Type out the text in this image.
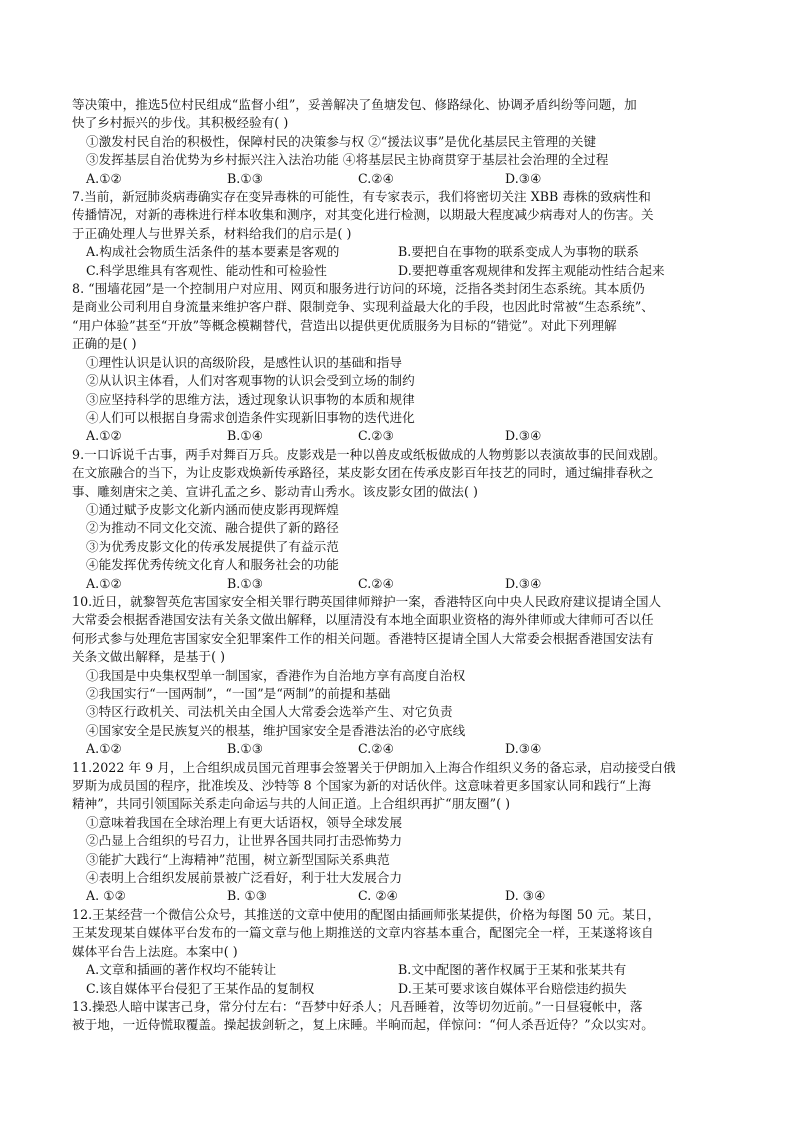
等决策中，推选5位村民组成“监督小组”，妥善解决了鱼塘发包、修路绿化、协调矛盾纠纷等问题，加
快了乡村振兴的步伐。其积极经验有( )
①激发村民自治的积极性，保障村民的决策参与权 ②“援法议事”是优化基层民主管理的关键
③发挥基层自治优势为乡村振兴注入法治功能 ④将基层民主协商贯穿于基层社会治理的全过程
A.①②	B.①③	C.②④	D.③④
7.当前，新冠肺炎病毒确实存在变异毒株的可能性，有专家表示，我们将密切关注 XBB 毒株的致病性和
传播情况，对新的毒株进行样本收集和测序，对其变化进行检测，以期最大程度减少病毒对人的伤害。关
于正确处理人与世界关系，材料给我们的启示是( )
A.构成社会物质生活条件的基本要素是客观的	B.要把自在事物的联系变成人为事物的联系
C.科学思维具有客观性、能动性和可检验性	D.要把尊重客观规律和发挥主观能动性结合起来
8. “围墙花园”是一个控制用户对应用、网页和服务进行访问的环境，泛指各类封闭生态系统。其本质仍
是商业公司利用自身流量来维护客户群、限制竞争、实现利益最大化的手段，也因此时常被“生态系统”、
“用户体验”甚至“开放”等概念模糊替代，营造出以提供更优质服务为目标的“错觉”。对此下列理解
正确的是( )
①理性认识是认识的高级阶段，是感性认识的基础和指导
②从认识主体看，人们对客观事物的认识会受到立场的制约
③应坚持科学的思维方法，透过现象认识事物的本质和规律
④人们可以根据自身需求创造条件实现新旧事物的迭代进化
A.①②	B.①④	C.②③	D.③④
9.一口诉说千古事，两手对舞百万兵。皮影戏是一种以兽皮或纸板做成的人物剪影以表演故事的民间戏剧。
在文旅融合的当下，为让皮影戏焕新传承路径，某皮影女团在传承皮影百年技艺的同时，通过编排春秋之
事、雕刻唐宋之美、宣讲孔孟之乡、影动青山秀水。该皮影女团的做法( )
①通过赋予皮影文化新内涵而使皮影再现辉煌
②为推动不同文化交流、融合提供了新的路径
③为优秀皮影文化的传承发展提供了有益示范
④能发挥优秀传统文化育人和服务社会的功能
A.①②	B.①③	C.②④	D.③④
10.近日，就黎智英危害国家安全相关罪行聘英国律师辩护一案，香港特区向中央人民政府建议提请全国人
大常委会根据香港国安法有关条文做出解释，以厘清没有本地全面职业资格的海外律师或大律师可否以任
何形式参与处理危害国家安全犯罪案件工作的相关问题。香港特区提请全国人大常委会根据香港国安法有
关条文做出解释，是基于( )
①我国是中央集权型单一制国家，香港作为自治地方享有高度自治权
②我国实行“一国两制”，“一国”是“两制”的前提和基础
③特区行政机关、司法机关由全国人大常委会选举产生、对它负责
④国家安全是民族复兴的根基，维护国家安全是香港法治的必守底线
A.①②	B.①③	C.②④	D.③④
11.2022 年 9 月，上合组织成员国元首理事会签署关于伊朗加入上海合作组织义务的备忘录，启动接受白俄
罗斯为成员国的程序，批准埃及、沙特等 8 个国家为新的对话伙伴。这意味着更多国家认同和践行“上海
精神”，共同引领国际关系走向命运与共的人间正道。上合组织再扩“朋友圈”( )
①意味着我国在全球治理上有更大话语权，领导全球发展
②凸显上合组织的号召力，让世界各国共同打击恐怖势力
③能扩大践行“上海精神”范围，树立新型国际关系典范
④表明上合组织发展前景被广泛看好，利于壮大发展合力
A. ①②	B. ①③	C. ②④	D. ③④
12.王某经营一个微信公众号，其推送的文章中使用的配图由插画师张某提供，价格为每图 50 元。某日，
王某发现某自媒体平台发布的一篇文章与他上期推送的文章内容基本重合，配图完全一样，王某遂将该自
媒体平台告上法庭。本案中( )
A.文章和插画的著作权均不能转让	B.文中配图的著作权属于王某和张某共有
C.该自媒体平台侵犯了王某作品的复制权	D.王某可要求该自媒体平台赔偿违约损失
13.操恐人暗中谋害己身，常分付左右：“吾梦中好杀人；凡吾睡着，汝等切勿近前。”一日昼寝帐中，落
被于地，一近侍慌取覆盖。操起拔剑斩之，复上床睡。半晌而起，佯惊问：“何人杀吾近侍？”众以实对。
